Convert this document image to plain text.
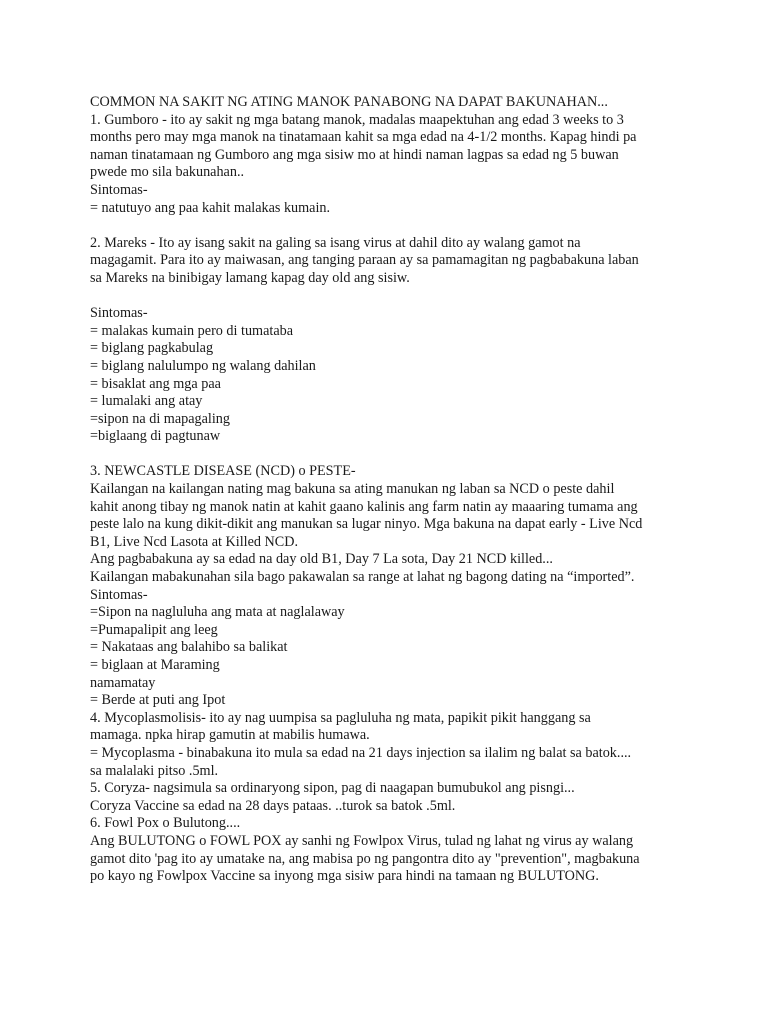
COMMON NA SAKIT NG ATING MANOK PANABONG NA DAPAT BAKUNAHAN...
1. Gumboro - ito ay sakit ng mga batang manok, madalas maapektuhan ang edad 3 weeks to 3
months pero may mga manok na tinatamaan kahit sa mga edad na 4-1/2 months. Kapag hindi pa
naman tinatamaan ng Gumboro ang mga sisiw mo at hindi naman lagpas sa edad ng 5 buwan
pwede mo sila bakunahan..
Sintomas-
= natutuyo ang paa kahit malakas kumain.
2. Mareks - Ito ay isang sakit na galing sa isang virus at dahil dito ay walang gamot na
magagamit. Para ito ay maiwasan, ang tanging paraan ay sa pamamagitan ng pagbabakuna laban
sa Mareks na binibigay lamang kapag day old ang sisiw.
Sintomas-
= malakas kumain pero di tumataba
= biglang pagkabulag
= biglang nalulumpo ng walang dahilan
= bisaklat ang mga paa
= lumalaki ang atay
=sipon na di mapagaling
=biglaang di pagtunaw
3. NEWCASTLE DISEASE (NCD) o PESTE-
Kailangan na kailangan nating mag bakuna sa ating manukan ng laban sa NCD o peste dahil
kahit anong tibay ng manok natin at kahit gaano kalinis ang farm natin ay maaaring tumama ang
peste lalo na kung dikit-dikit ang manukan sa lugar ninyo. Mga bakuna na dapat early - Live Ncd
B1, Live Ncd Lasota at Killed NCD.
Ang pagbabakuna ay sa edad na day old B1, Day 7 La sota, Day 21 NCD killed...
Kailangan mabakunahan sila bago pakawalan sa range at lahat ng bagong dating na “imported”.
Sintomas-
=Sipon na nagluluha ang mata at naglalaway
=Pumapalipit ang leeg
= Nakataas ang balahibo sa balikat
= biglaan at Maraming
namamatay
= Berde at puti ang Ipot
4. Mycoplasmolisis- ito ay nag uumpisa sa pagluluha ng mata, papikit pikit hanggang sa
mamaga. npka hirap gamutin at mabilis humawa.
= Mycoplasma - binabakuna ito mula sa edad na 21 days injection sa ilalim ng balat sa batok....
sa malalaki pitso .5ml.
5. Coryza- nagsimula sa ordinaryong sipon, pag di naagapan bumubukol ang pisngi...
Coryza Vaccine sa edad na 28 days pataas. ..turok sa batok .5ml.
6. Fowl Pox o Bulutong....
Ang BULUTONG o FOWL POX ay sanhi ng Fowlpox Virus, tulad ng lahat ng virus ay walang
gamot dito 'pag ito ay umatake na, ang mabisa po ng pangontra dito ay "prevention", magbakuna
po kayo ng Fowlpox Vaccine sa inyong mga sisiw para hindi na tamaan ng BULUTONG.
